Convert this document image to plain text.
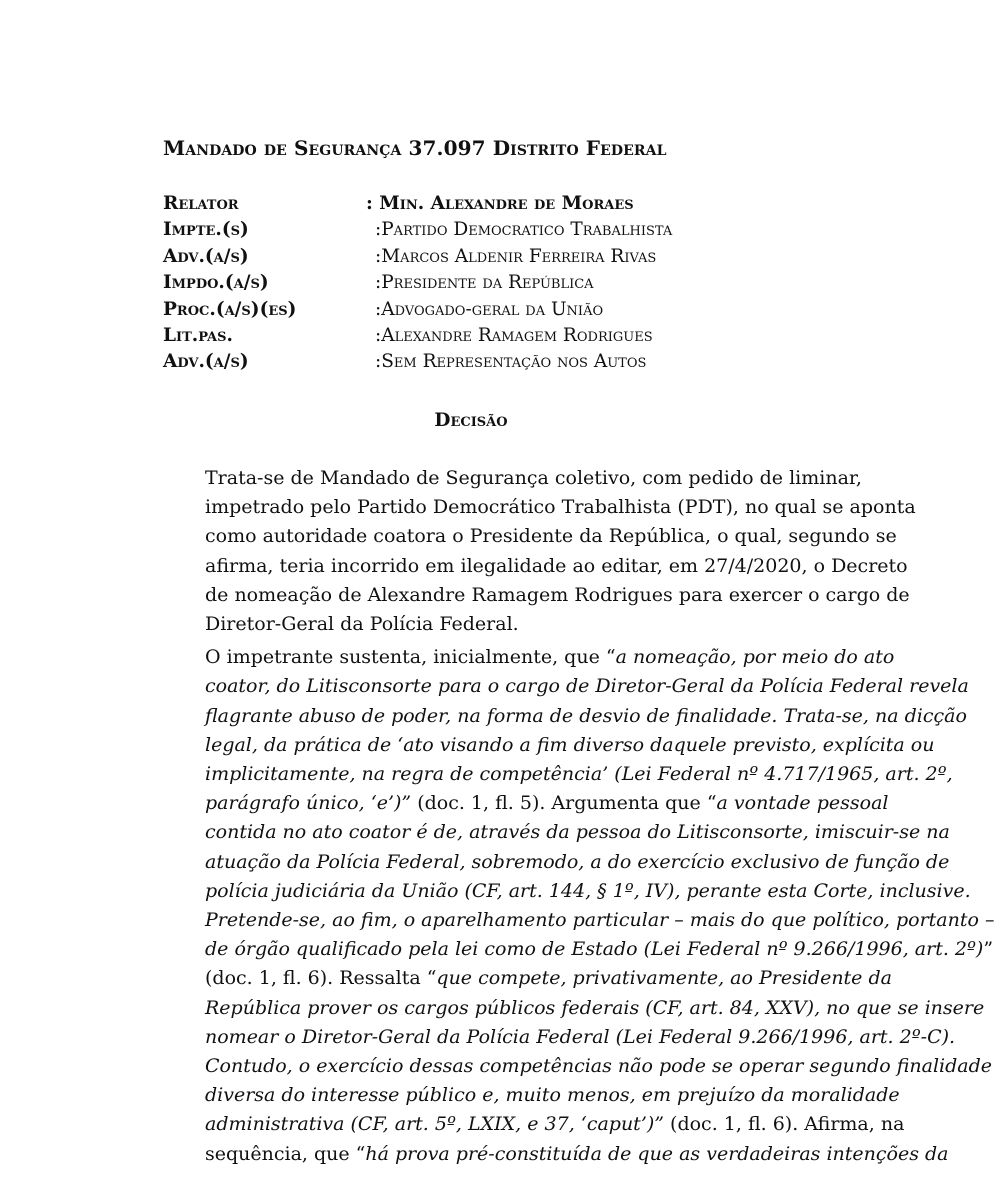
Mandado de Segurança 37.097 Distrito Federal
Relator	: Min. Alexandre de Moraes
Impte.(s)	:Partido Democratico Trabalhista
Adv.(a/s)	:Marcos Aldenir Ferreira Rivas
Impdo.(a/s)	:Presidente da República
Proc.(a/s)(es)	:Advogado-geral da União
Lit.pas.	:Alexandre Ramagem Rodrigues
Adv.(a/s)	:Sem Representação nos Autos
Decisão

Trata-se de Mandado de Segurança coletivo, com pedido de liminar,
impetrado pelo Partido Democrático Trabalhista (PDT), no qual se aponta
como autoridade coatora o Presidente da República, o qual, segundo se
afirma, teria incorrido em ilegalidade ao editar, em 27/4/2020, o Decreto
de nomeação de Alexandre Ramagem Rodrigues para exercer o cargo de
Diretor-Geral da Polícia Federal.

O impetrante sustenta, inicialmente, que “a nomeação, por meio do ato
coator, do Litisconsorte para o cargo de Diretor-Geral da Polícia Federal revela
flagrante abuso de poder, na forma de desvio de finalidade. Trata-se, na dicção
legal, da prática de ‘ato visando a fim diverso daquele previsto, explícita ou
implicitamente, na regra de competência’ (Lei Federal nº 4.717/1965, art. 2º,
parágrafo único, ‘e’)” (doc. 1, fl. 5). Argumenta que “a vontade pessoal
contida no ato coator é de, através da pessoa do Litisconsorte, imiscuir-se na
atuação da Polícia Federal, sobremodo, a do exercício exclusivo de função de
polícia judiciária da União (CF, art. 144, § 1º, IV), perante esta Corte, inclusive.
Pretende-se, ao fim, o aparelhamento particular – mais do que político, portanto –
de órgão qualificado pela lei como de Estado (Lei Federal nº 9.266/1996, art. 2º)”
(doc. 1, fl. 6). Ressalta “que compete, privativamente, ao Presidente da
República prover os cargos públicos federais (CF, art. 84, XXV), no que se insere
nomear o Diretor-Geral da Polícia Federal (Lei Federal 9.266/1996, art. 2º-C).
Contudo, o exercício dessas competências não pode se operar segundo finalidade
diversa do interesse público e, muito menos, em prejuízo da moralidade
administrativa (CF, art. 5º, LXIX, e 37, ‘caput’)” (doc. 1, fl. 6). Afirma, na
sequência, que “há prova pré-constituída de que as verdadeiras intenções da
